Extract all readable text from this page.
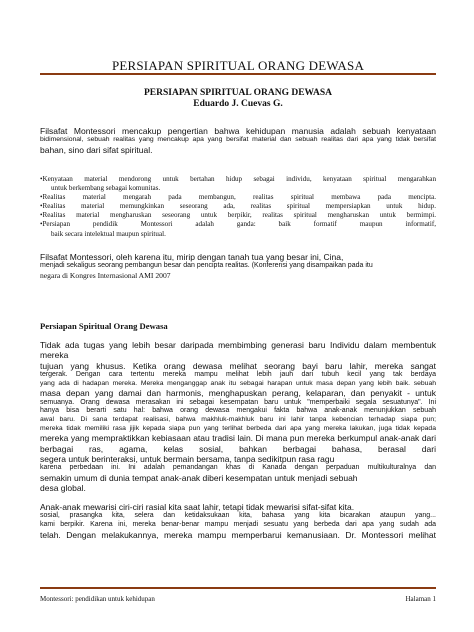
PERSIAPAN SPIRITUAL ORANG DEWASA
PERSIAPAN SPIRITUAL ORANG DEWASA
Eduardo J. Cuevas G.

Filsafat Montessori mencakup pengertian bahwa kehidupan manusia adalah sebuah kenyataan

bidimensional, sebuah realitas yang mencakup apa yang bersifat material dan sebuah realitas dari apa yang tidak bersifat

bahan, sino dari sifat spiritual.

•Kenyataan material mendorong untuk bertahan hidup sebagai individu, kenyataan spiritual mengarahkan
untuk berkembang sebagai komunitas.
•Realitas material mengarah pada membangun, realitas spiritual membawa pada mencipta.
•Realitas material memungkinkan seseorang ada, realitas spiritual mempersiapkan untuk hidup.
•Realitas material mengharuskan seseorang untuk berpikir, realitas spiritual mengharuskan untuk bermimpi.
•Persiapan pendidik Montessori adalah ganda: baik formatif maupun informatif,
baik secara intelektual maupun spiritual.

Filsafat Montessori, oleh karena itu, mirip dengan tanah tua yang besar ini, Cina,

menjadi sekaligus seorang pembangun besar dan pencipta realitas. (Konferensi yang disampaikan pada itu

negara di Kongres Internasional AMI 2007

Persiapan Spiritual Orang Dewasa

Tidak ada tugas yang lebih besar daripada membimbing generasi baru Individu dalam membentuk mereka

tujuan yang khusus. Ketika orang dewasa melihat seorang bayi baru lahir, mereka sangat

tergerak. Dengan cara tertentu mereka mampu melihat lebih jauh dari tubuh kecil yang tak berdaya

yang ada di hadapan mereka. Mereka menganggap anak itu sebagai harapan untuk masa depan yang lebih baik. sebuah

masa depan yang damai dan harmonis, menghapuskan perang, kelaparan, dan penyakit - untuk

semuanya. Orang dewasa merasakan ini sebagai kesempatan baru untuk "memperbaiki segala sesuatunya". Ini

hanya bisa berarti satu hal: bahwa orang dewasa mengakui fakta bahwa anak-anak menunjukkan sebuah

awal baru. Di sana terdapat realisasi, bahwa makhluk-makhluk baru ini lahir tanpa kebencian terhadap siapa pun;

mereka tidak memiliki rasa jijik kepada siapa pun yang terlihat berbeda dari apa yang mereka lakukan, juga tidak kepada

mereka yang mempraktikkan kebiasaan atau tradisi lain. Di mana pun mereka berkumpul anak-anak dari

berbagai ras, agama, kelas sosial, bahkan berbagai bahasa, berasal dari

segera untuk berinteraksi, untuk bermain bersama, tanpa sedikitpun rasa ragu

karena perbedaan ini. Ini adalah pemandangan khas di Kanada dengan perpaduan multikulturalnya dan

semakin umum di dunia tempat anak-anak diberi kesempatan untuk menjadi sebuah

desa global.

Anak-anak mewarisi ciri-ciri rasial kita saat lahir, tetapi tidak mewarisi sifat-sifat kita.

sosial, prasangka kita, selera dan ketidaksukaan kita, bahasa yang kita bicarakan ataupun yang...

kami berpikir. Karena ini, mereka benar-benar mampu menjadi sesuatu yang berbeda dari apa yang sudah ada

telah. Dengan melakukannya, mereka mampu memperbarui kemanusiaan. Dr. Montessori melihat

Montessori: pendidikan untuk kehidupan	Halaman 1
